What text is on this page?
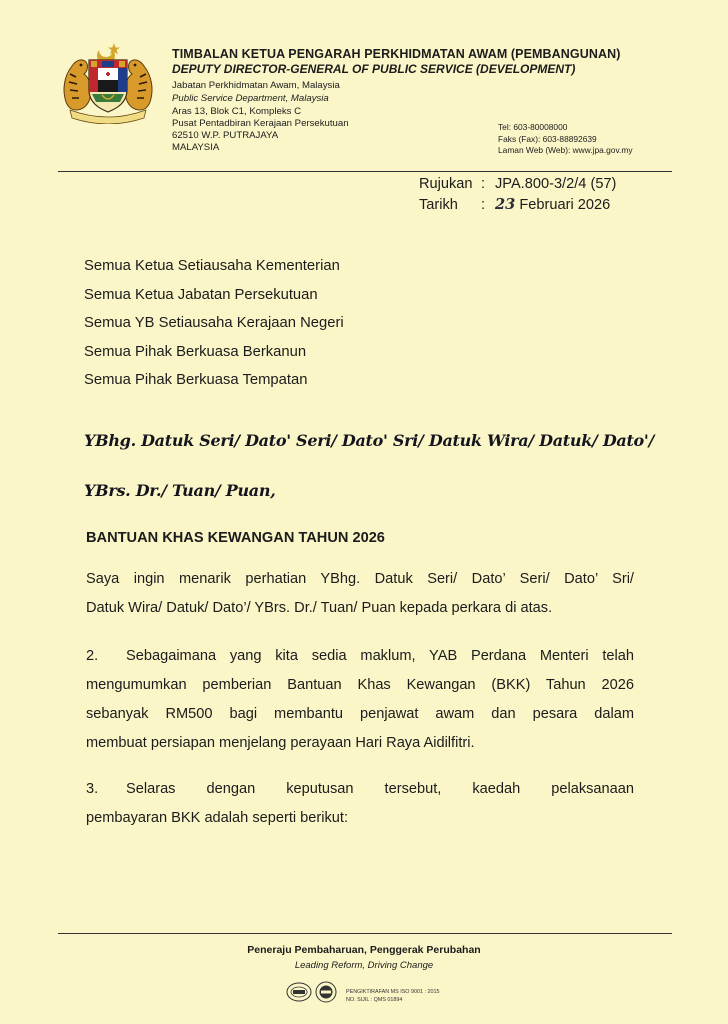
TIMBALAN KETUA PENGARAH PERKHIDMATAN AWAM (PEMBANGUNAN)
DEPUTY DIRECTOR-GENERAL OF PUBLIC SERVICE (DEVELOPMENT)
Jabatan Perkhidmatan Awam, Malaysia
Public Service Department, Malaysia
Aras 13, Blok C1, Kompleks C
Pusat Pentadbiran Kerajaan Persekutuan
62510 W.P. PUTRAJAYA
MALAYSIA
Tel: 603-80008000
Faks (Fax): 603-88892639
Laman Web (Web): www.jpa.gov.my
Rujukan : JPA.800-3/2/4 (57)
Tarikh : 23 Februari 2026
Semua Ketua Setiausaha Kementerian
Semua Ketua Jabatan Persekutuan
Semua YB Setiausaha Kerajaan Negeri
Semua Pihak Berkuasa Berkanun
Semua Pihak Berkuasa Tempatan
YBhg. Datuk Seri/ Dato' Seri/ Dato' Sri/ Datuk Wira/ Datuk/ Dato'/
YBrs. Dr./ Tuan/ Puan,
BANTUAN KHAS KEWANGAN TAHUN 2026
Saya ingin menarik perhatian YBhg. Datuk Seri/ Dato’ Seri/ Dato’ Sri/
Datuk Wira/ Datuk/ Dato’/ YBrs. Dr./ Tuan/ Puan kepada perkara di atas.
2. Sebagaimana yang kita sedia maklum, YAB Perdana Menteri telah
mengumumkan pemberian Bantuan Khas Kewangan (BKK) Tahun 2026
sebanyak RM500 bagi membantu penjawat awam dan pesara dalam
membuat persiapan menjelang perayaan Hari Raya Aidilfitri.
3. Selaras dengan keputusan tersebut, kaedah pelaksanaan
pembayaran BKK adalah seperti berikut:
Peneraju Pembaharuan, Penggerak Perubahan
Leading Reform, Driving Change
PENGIKTIRAFAN MS ISO 9001 : 2015
NO. SIJIL : QMS 01894
